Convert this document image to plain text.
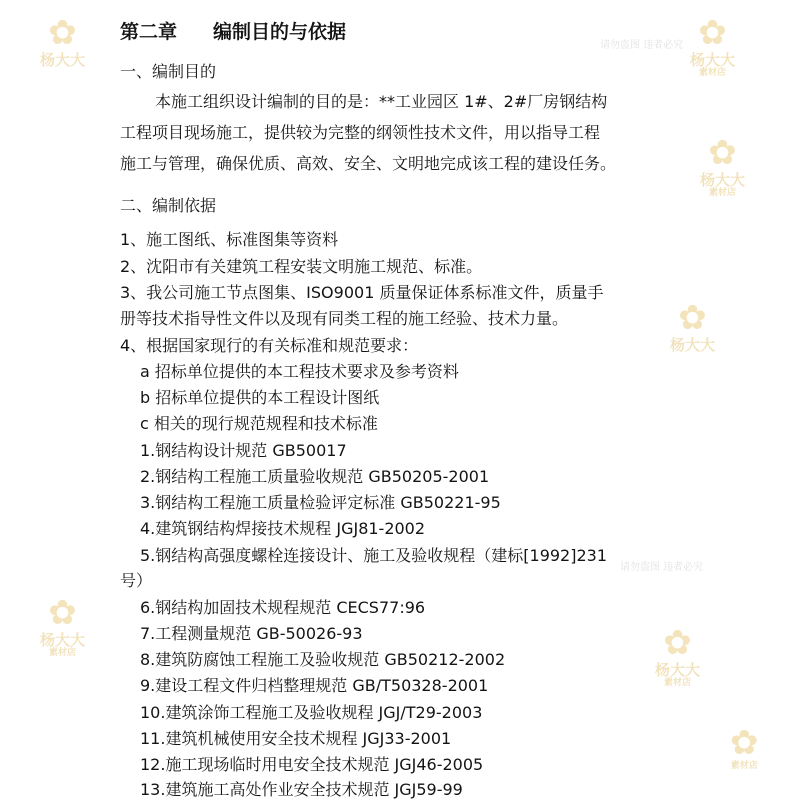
✿
杨大大
✿
杨大大
素材店
✿
杨大大
素材店
✿
杨大大
✿
杨大大
素材店	✿
杨大大
素材店
✿
素材店
请勿盗图 违者必究
请勿盗图 违者必究
第二章 编制目的与依据
一、编制目的
本施工组织设计编制的目的是：**工业园区 1#、2#厂房钢结构
工程项目现场施工，提供较为完整的纲领性技术文件，用以指导工程
施工与管理，确保优质、高效、安全、文明地完成该工程的建设任务。
二、编制依据
1、施工图纸、标准图集等资料
2、沈阳市有关建筑工程安装文明施工规范、标准。
3、我公司施工节点图集、ISO9001 质量保证体系标准文件，质量手
册等技术指导性文件以及现有同类工程的施工经验、技术力量。
4、根据国家现行的有关标准和规范要求：
a 招标单位提供的本工程技术要求及参考资料
b 招标单位提供的本工程设计图纸
c 相关的现行规范规程和技术标准
1.钢结构设计规范 GB50017
2.钢结构工程施工质量验收规范 GB50205-2001
3.钢结构工程施工质量检验评定标准 GB50221-95
4.建筑钢结构焊接技术规程 JGJ81-2002
5.钢结构高强度螺栓连接设计、施工及验收规程（建标[1992]231
号）
6.钢结构加固技术规程规范 CECS77:96
7.工程测量规范 GB-50026-93
8.建筑防腐蚀工程施工及验收规范 GB50212-2002
9.建设工程文件归档整理规范 GB/T50328-2001
10.建筑涂饰工程施工及验收规程 JGJ/T29-2003
11.建筑机械使用安全技术规程 JGJ33-2001
12.施工现场临时用电安全技术规范 JGJ46-2005
13.建筑施工高处作业安全技术规范 JGJ59-99
